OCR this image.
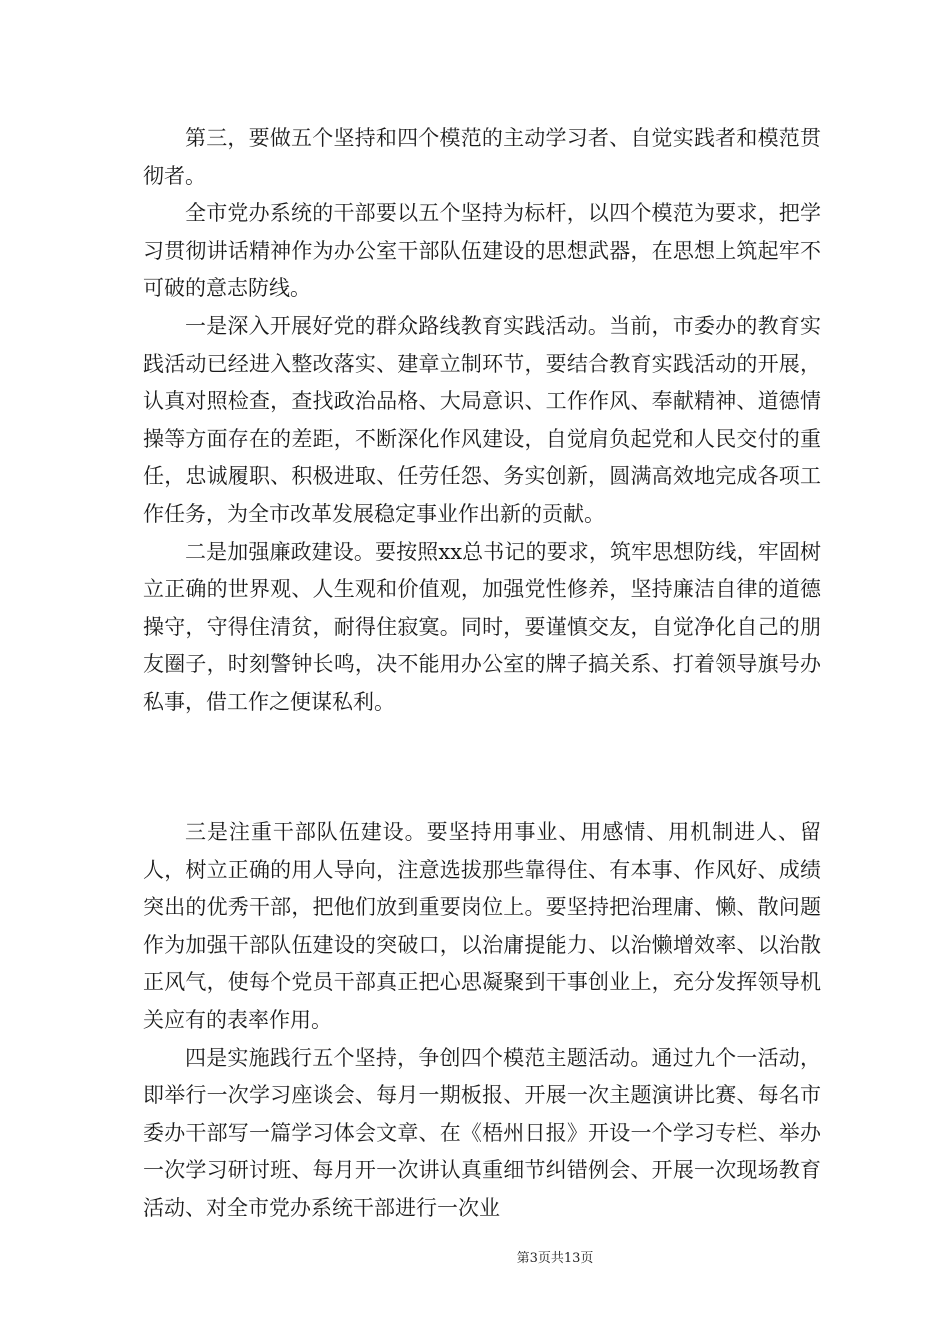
第三，要做五个坚持和四个模范的主动学习者、自觉实践者和模范贯彻者。

全市党办系统的干部要以五个坚持为标杆，以四个模范为要求，把学习贯彻讲话精神作为办公室干部队伍建设的思想武器，在思想上筑起牢不可破的意志防线。

一是深入开展好党的群众路线教育实践活动。当前，市委办的教育实践活动已经进入整改落实、建章立制环节，要结合教育实践活动的开展，认真对照检查，查找政治品格、大局意识、工作作风、奉献精神、道德情操等方面存在的差距，不断深化作风建设，自觉肩负起党和人民交付的重任，忠诚履职、积极进取、任劳任怨、务实创新，圆满高效地完成各项工作任务，为全市改革发展稳定事业作出新的贡献。

二是加强廉政建设。要按照xx总书记的要求，筑牢思想防线，牢固树立正确的世界观、人生观和价值观，加强党性修养，坚持廉洁自律的道德操守，守得住清贫，耐得住寂寞。同时，要谨慎交友，自觉净化自己的朋友圈子，时刻警钟长鸣，决不能用办公室的牌子搞关系、打着领导旗号办私事，借工作之便谋私利。

三是注重干部队伍建设。要坚持用事业、用感情、用机制进人、留人，树立正确的用人导向，注意选拔那些靠得住、有本事、作风好、成绩突出的优秀干部，把他们放到重要岗位上。要坚持把治理庸、懒、散问题作为加强干部队伍建设的突破口，以治庸提能力、以治懒增效率、以治散正风气，使每个党员干部真正把心思凝聚到干事创业上，充分发挥领导机关应有的表率作用。

四是实施践行五个坚持，争创四个模范主题活动。通过九个一活动，即举行一次学习座谈会、每月一期板报、开展一次主题演讲比赛、每名市委办干部写一篇学习体会文章、在《梧州日报》开设一个学习专栏、举办一次学习研讨班、每月开一次讲认真重细节纠错例会、开展一次现场教育活动、对全市党办系统干部进行一次业

第3页共13页
